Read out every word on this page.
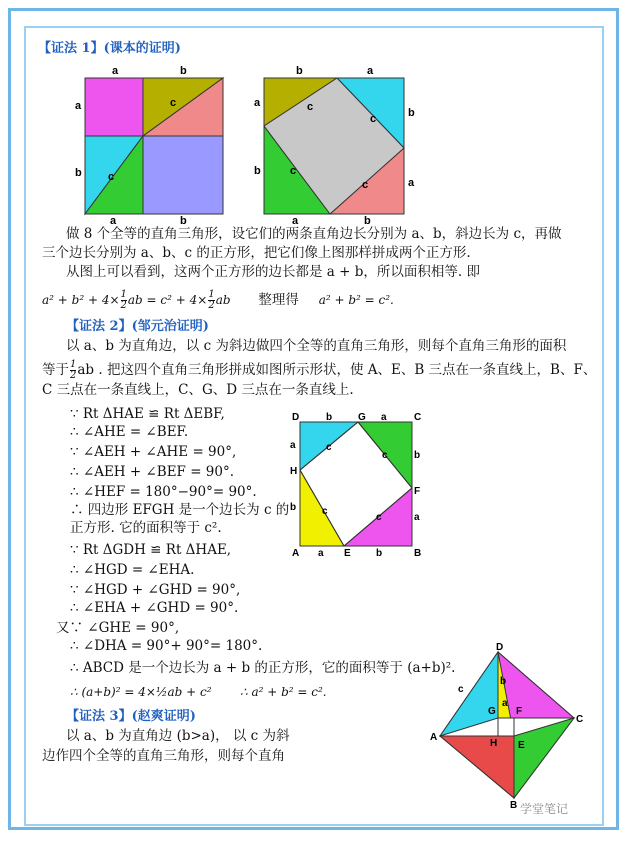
【证法 1】(课本的证明)
a	b
a
b
c
c
a	b
b	a
a
b
b
a
a	b
c
c
c
c
做 8 个全等的直角三角形，设它们的两条直角边长分别为 a、b，斜边长为 c，再做
三个边长分别为 a、b、c 的正方形，把它们像上图那样拼成两个正方形.
从图上可以看到，这两个正方形的边长都是 a + b，所以面积相等. 即
$a^2 + b^2 + 4\times \frac{1}{2}$ ab = $c^2 + 4\times \frac{1}{2}$ ab 整理得 a² + b² = c².
【证法 2】(邹元治证明)
以 a、b 为直角边，以 c 为斜边做四个全等的直角三角形，则每个直角三角形的面积
等于 $\frac{1}{2}$ ab . 把这四个直角三角形拼成如图所示形状，使 A、E、B 三点在一条直线上，B、F、
C 三点在一条直线上，C、G、D 三点在一条直线上.
∵ Rt ΔHAE ≌ Rt ΔEBF,
∴ ∠AHE = ∠BEF.
∵ ∠AEH + ∠AHE = 90°,
∴ ∠AEH + ∠BEF = 90°.
∴ ∠HEF = 180°−90°= 90°.
∴ 四边形 EFGH 是一个边长为 c 的
正方形. 它的面积等于 c².
∵ Rt ΔGDH ≌ Rt ΔHAE,
∴ ∠HGD = ∠EHA.
∵ ∠HGD + ∠GHD = 90°,
∴ ∠EHA + ∠GHD = 90°.
又∵ ∠GHE = 90°,
∴ ∠DHA = 90°+ 90°= 180°.
∴ ABCD 是一个边长为 a + b 的正方形，它的面积等于 (a+b)².
∴ (a+b)² = 4×½ab + c² ∴ a² + b² = c².
D	G	C
H
F
A	E	B
b	a
a
b
b
a
a	b
c
c
c
c
【证法 3】(赵爽证明)
以 a、b 为直角边 (b>a)， 以 c 为斜
边作四个全等的直角三角形，则每个直角
D
C
A
B
G F
H E
b
a
c
学堂笔记
